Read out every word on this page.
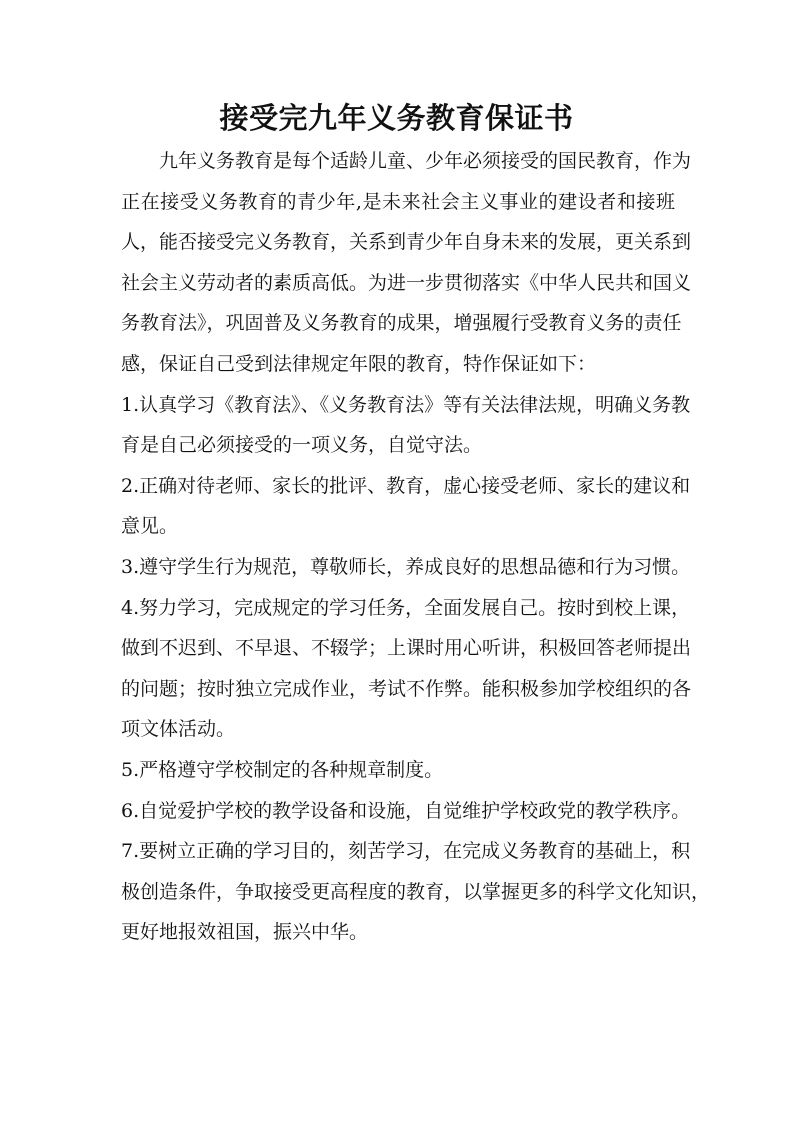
接受完九年义务教育保证书
九年义务教育是每个适龄儿童、少年必须接受的国民教育，作为
正在接受义务教育的青少年,是未来社会主义事业的建设者和接班
人，能否接受完义务教育，关系到青少年自身未来的发展，更关系到
社会主义劳动者的素质高低。为进一步贯彻落实《中华人民共和国义
务教育法》，巩固普及义务教育的成果，增强履行受教育义务的责任
感，保证自己受到法律规定年限的教育，特作保证如下：
1.认真学习《教育法》、《义务教育法》等有关法律法规，明确义务教
育是自己必须接受的一项义务，自觉守法。
2.正确对待老师、家长的批评、教育，虚心接受老师、家长的建议和
意见。
3.遵守学生行为规范，尊敬师长，养成良好的思想品德和行为习惯。
4.努力学习，完成规定的学习任务，全面发展自己。按时到校上课，
做到不迟到、不早退、不辍学；上课时用心听讲，积极回答老师提出
的问题；按时独立完成作业，考试不作弊。能积极参加学校组织的各
项文体活动。
5.严格遵守学校制定的各种规章制度。
6.自觉爱护学校的教学设备和设施，自觉维护学校政党的教学秩序。
7.要树立正确的学习目的，刻苦学习，在完成义务教育的基础上，积
极创造条件，争取接受更高程度的教育，以掌握更多的科学文化知识，
更好地报效祖国，振兴中华。
